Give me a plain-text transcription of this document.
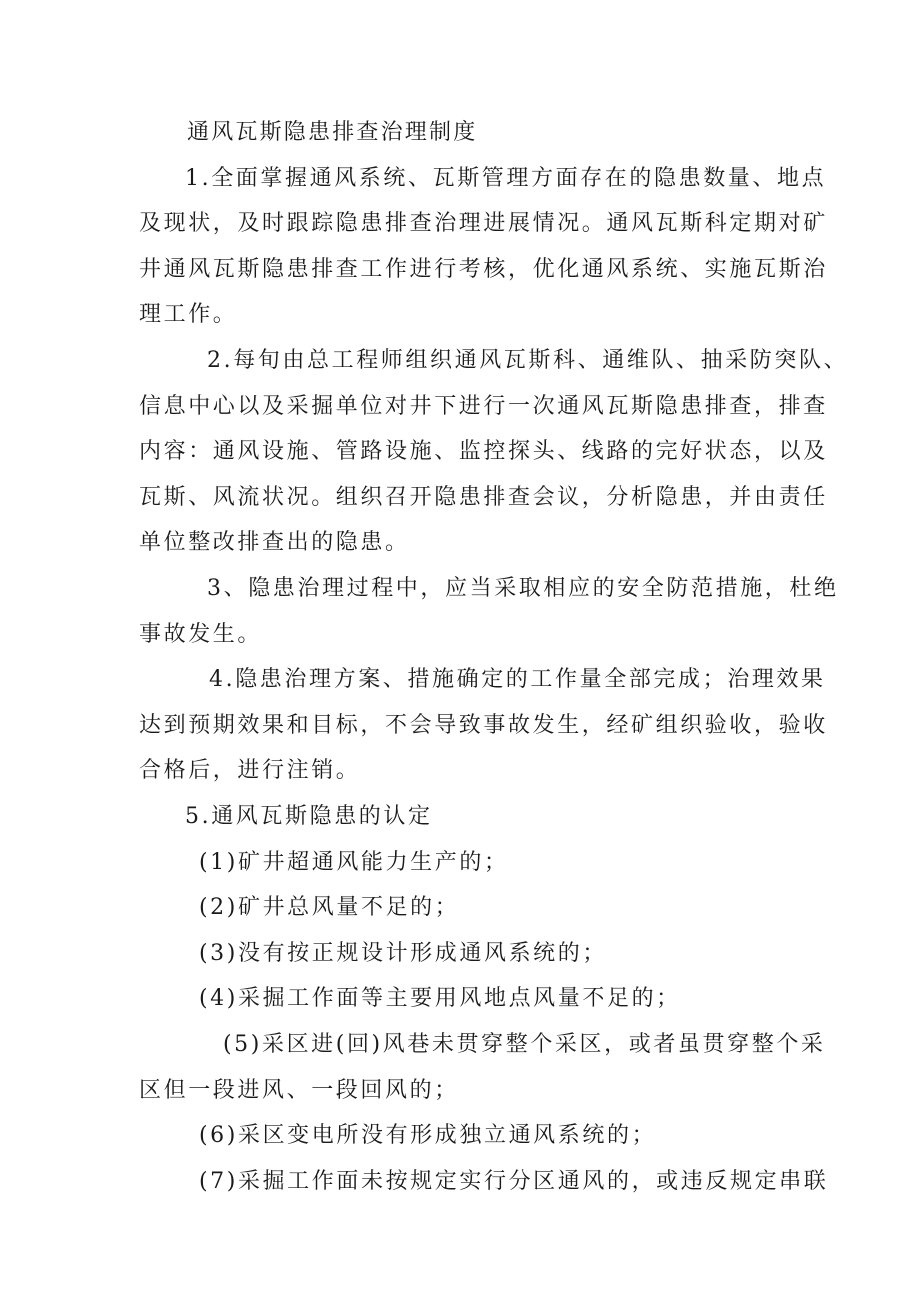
通风瓦斯隐患排查治理制度
1.全面掌握通风系统、瓦斯管理方面存在的隐患数量、地点
及现状，及时跟踪隐患排查治理进展情况。通风瓦斯科定期对矿
井通风瓦斯隐患排查工作进行考核，优化通风系统、实施瓦斯治
理工作。
2.每旬由总工程师组织通风瓦斯科、通维队、抽采防突队、
信息中心以及采掘单位对井下进行一次通风瓦斯隐患排查，排查
内容：通风设施、管路设施、监控探头、线路的完好状态，以及
瓦斯、风流状况。组织召开隐患排查会议，分析隐患，并由责任
单位整改排查出的隐患。
3、隐患治理过程中，应当采取相应的安全防范措施，杜绝
事故发生。
4.隐患治理方案、措施确定的工作量全部完成；治理效果
达到预期效果和目标，不会导致事故发生，经矿组织验收，验收
合格后，进行注销。
5.通风瓦斯隐患的认定
(1)矿井超通风能力生产的；
(2)矿井总风量不足的；
(3)没有按正规设计形成通风系统的；
(4)采掘工作面等主要用风地点风量不足的；
(5)采区进(回)风巷未贯穿整个采区，或者虽贯穿整个采
区但一段进风、一段回风的；
(6)采区变电所没有形成独立通风系统的；
(7)采掘工作面未按规定实行分区通风的，或违反规定串联
